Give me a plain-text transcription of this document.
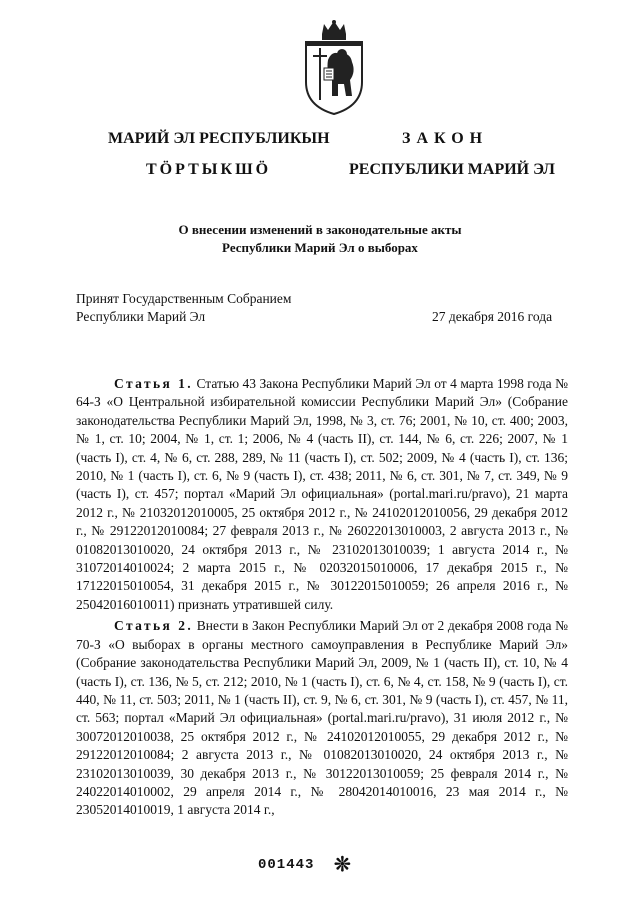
МАРИЙ ЭЛ РЕСПУБЛИКЫН
ТӦРТЫКШӦ
ЗАКОН
РЕСПУБЛИКИ МАРИЙ ЭЛ
О внесении изменений в законодательные акты
Республики Марий Эл о выборах
Принят Государственным Собранием
Республики Марий Эл	27 декабря 2016 года

Статья 1. Статью 43 Закона Республики Марий Эл от 4 марта 1998 года № 64-З «О Центральной избирательной комиссии Республики Марий Эл» (Собрание законодательства Республики Марий Эл, 1998, № 3, ст. 76; 2001, № 10, ст. 400; 2003, № 1, ст. 10; 2004, № 1, ст. 1; 2006, № 4 (часть II), ст. 144, № 6, ст. 226; 2007, № 1 (часть I), ст. 4, № 6, ст. 288, 289, № 11 (часть I), ст. 502; 2009, № 4 (часть I), ст. 136; 2010, № 1 (часть I), ст. 6, № 9 (часть I), ст. 438; 2011, № 6, ст. 301, № 7, ст. 349, № 9 (часть I), ст. 457; портал «Марий Эл официальная» (portal.mari.ru/pravo), 21 марта 2012 г., № 21032012010005, 25 октября 2012 г., № 24102012010056, 29 декабря 2012 г., № 29122012010084; 27 февраля 2013 г., № 26022013010003, 2 августа 2013 г., № 01082013010020, 24 октября 2013 г., № 23102013010039; 1 августа 2014 г., № 31072014010024; 2 марта 2015 г., № 02032015010006, 17 декабря 2015 г., № 17122015010054, 31 декабря 2015 г., № 30122015010059; 26 апреля 2016 г., № 25042016010011) признать утратившей силу.

Статья 2. Внести в Закон Республики Марий Эл от 2 декабря 2008 года № 70-З «О выборах в органы местного самоуправления в Республике Марий Эл» (Собрание законодательства Республики Марий Эл, 2009, № 1 (часть II), ст. 10, № 4 (часть I), ст. 136, № 5, ст. 212; 2010, № 1 (часть I), ст. 6, № 4, ст. 158, № 9 (часть I), ст. 440, № 11, ст. 503; 2011, № 1 (часть II), ст. 9, № 6, ст. 301, № 9 (часть I), ст. 457, № 11, ст. 563; портал «Марий Эл официальная» (portal.mari.ru/pravo), 31 июля 2012 г., № 30072012010038, 25 октября 2012 г., № 24102012010055, 29 декабря 2012 г., № 29122012010084; 2 августа 2013 г., № 01082013010020, 24 октября 2013 г., № 23102013010039, 30 декабря 2013 г., № 30122013010059; 25 февраля 2014 г., № 24022014010002, 29 апреля 2014 г., № 28042014010016, 23 мая 2014 г., № 23052014010019, 1 августа 2014 г.,

001443 ❊
